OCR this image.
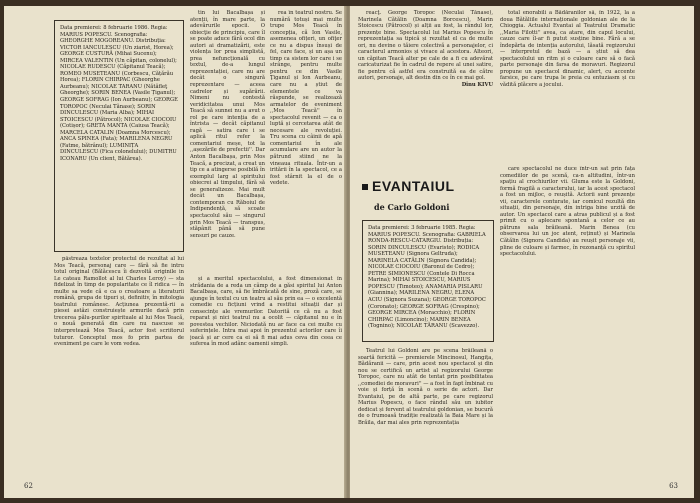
Data premierei: 8 februarie 1986. Regia: MARIUS POPESCU. Scenografia: GHEORGHE MOGOREANU. Distribuția: VICTOR IANCULESCU (Un ziarist, Horea); GEORGE CUSTURĂ (Mihai Sucenu); MIRCEA VALENTIN (Un căpitan, colonelul); NICOLAE RUDESCU (Căpitanul Teacă); ROMEO MUSETEANU (Corbescu, Cățărău Horea); FLORIN CHIRPAC (Gheorghe Aurbeanu); NICOLAE TARANU (Nătăfleţ Gheorghe); SORIN BENEA (Vasile Țiganul); GEORGE SOFRAG (Ion Aurbeanu); GEORGE TOROPOC (Neculai Tănase); SORIN DINCULESCU (Maria Alba); MIHAI STOICESCU (Pătrocol); NICOLAE CIOCOIU (Cotișor); GRETA MANTA (Caiusa Teacă); MARCELA CATALIN (Doamna Morcescu); ANCA SPINEA (Fata); MARILENA NEGRU (Fatme, bătrânul); LUMINIȚA DINCULESCU (Fica colonelului); DUMITRU ICONARU (Un client, Bătărea).

tin lui Bacalbașa și atenții, în mare parte, la adevărurile epocii. O obiecţie de principiu, care îl se poate aduce fără ocol din autori ai dramatizării, este violența lor prea simplistă, prea nefuncțională cu textul, de-a lungul reprezentației, care nu are decât o singură reprezentare — aceea cadrelor și supărării. Nimeni nu contestă veridicitatea unui Mos Teacă să sunnei nu a avut o rol pe care intenția de a întrista — decât căpitanul ragă — satira care i se aplică ritul refer la comentariul meșe, tot la ,,așezările de prefectii''. Dar Anton Bacalbașa, prin Mos Teacă, a precizat, a creat un tip ce a atingerse posibilă în exemplul larg al spiritului obiecrei al timpului, fără să se generalizeze. Mai mult decât un Bacalbașa, contemporan cu Răboiul de Indipendență, să scoate spectacolul său — singurul prin Mos Teacă — transpus, stăpânit până să pune sensuri pe cauze.

rea în teatrul nostru. Se numără totuși mai multe trupe Mos Teacă în concepția, că Ion Vasile, asemenea ofițeri, un ofiţer ce nu a dispus însuși de fel, care face, și un așa un timp ca sistem lor care i se strânge, pentru multe pentru ce din Vasile Ţiganul și Ion Aurbeanu, care nu a știut de elementele ce va răspunde, se realizează armatelor de eveniment ,,Mos Teacă'' în spectacolul revenit — ca o luptă și cercetarea atât de necesare ale revoluției. Tru scena cu câinii de apă comentariul în ale acumulare are un autor la pătrund stiind ne la vineaua rituala. Într-un a iritării în la spectacol, ce a fost stârnit la el de o vedete.

păstreaza textelor protectul de rezultat al lui Mos Teacă, personaj care — fără să fie intru totul original (Bălăcescu îi dezvoltă originile in Le cateau Ramollot al lui Charles Leroy) — sta fidelizat în timp de popularitate ce îl ridica — în multe sa vede că e ca o creatoare a literaturii română, grupa de tipuri și, definitiv, în mitologia teatrului românesc. Acțiunea prezentă-rii a piesei astăzi construiește armurile dacă prin trecerea pălu-purilor spirituale al lui Mos Teacă, o nouă generată din care nu nascuse se interpretează Mos Teacă, actor fost scriitorul tuturor. Conceptul mos fo prin partea de eveniment pe care le vom vedea.

și a meritul spectacolului, a fost dimensionat în strădania de a reda un câmp de a găsi spiritul lui Anton Bacalbașa, care, să fie îmbrăcată de sine, proză care, se ajunge în textul cu un teatru al său prin ea — o excelentă comedie cu ficțiuni vrind a restitui situații dar și consecințe ale vremurilor. Datorită ce că nu a fost reparat și nici teatrul nu a ocolit — căpitanul nu e în povestea vechilor. Niciodată nu ar face ca cei multe cu suferințele. Intra mai apoi în prezentul actorilor care îi joacă și ar cere ca ei să fi mai adus ceva din ceea ce suferea în mod adânc oamenii simpli.

62

reacţ. George Toropoc (Neculai Tănase), Marinela Cătălin (Doamna Borcescu), Marin Stoicescu (Pătrocol) și alții au fost, la rândul lor, prezențe bine. Spectacolul lui Marius Popescu în reprezentația sa tipică și rezultat el ca de multe ori, nu devine o tăiere colectivă a personajelor, ci caracterul armonios și vivace al acestora. Alteori, un căpitan Teacă alter pe cale de a fi cu adevărat caricaturizat fie în cadrul de repere al unei satire, fie pentru că astfel era construită ea de către autori, personaje, alt destin din ce în ce mai gol.

Dinu KIVU

total enorabili a Bădăranilor să, în 1922, la a doua Bătăliile internaționale goldonian ale de la Chioggia. Actualul Evantai al Teatrului Dramatic ,,Maria Filotti'' avea, ca atare, din capul locului, cauze care îl-ar fi putut susține bine. Fără a se îndepărta de intenția autorului, lăsată regizorului — interpretul de bază — a știut să dea spectacolului un ritm și o culoare care să o facă parte personaje din farsa de moravuri. Regizorul propune un spectacol dinamic, alert, cu accente farsice, pe care trupa le preia cu entuziasm și cu vădită plăcere a jocului.

EVANTAIUL
de Carlo Goldoni
Data premierei: 3 februarie 1985. Regia: MARIUS POPESCU. Scenografia: GABRIELA RONDA-RESCU-CATARGIU. Distribuția: SORIN DINCULESCU (Evaristo); RODICA MUSETEANU (Signora Geltruda); MARINELA CATĂLIN (Signora Candida); NICOLAE CIOCOIU (Baronul de Cedro); PETRE SIMIONESCU (Contele Di Rocca Marina); MIHAI STOICESCU, MARIUS POPESCU (Timoteo); ANAMARIA PISLARU (Giannina); MARILENA NEGRU, ELENA ACIU (Signora Suzana); GEORGE TOROPOC (Coronato); GEORGE SOFRAG (Crespino); GEORGE MIRCEA (Moracchio); FLORIN CHIRPAC (Limoncino); MARIN BENEA (Tognino); NICOLAE TĂRANU (Scavezzo).

Teatrul lui Goldoni are pe scena brăileană o soartă fericită — premierele Mincinosul, Hangița, Bădăranii — care, prin acest nou spectacol și din nou se certifică un artist al regizorului George Toropoc, care nu atât de tentat prin posibilitatea ,,comediei de moravuri'' — a fost în fapt îmbinat cu voie și forță în scenă o serie de actori. Dar Evantaiul, pe de altă parte, pe care regizorul Marius Popescu, o face rândul său un iubitor dedicat și fervent al teatrului goldonian, se bucură de o frumoasă tradiție realizată la Baia Mare și la Brăila, dar mai ales prin reprezentația

care spectacolul ne duce într-un sat prin fața comediilor de pe scenă, ca-n altitudini, într-un spațiu al crochiurilor vii. Gluma este la Goldoni, formă fragilă a caracterului, iar la acest spectacol a fost un mijloc, o reușită. Actorii sunt prezențe vii, caracterele conturate, iar comicul rezultă din situații, din personaje, din intriga bine urzită de autor. Un spectacol care a atras publicul și a fost primit cu o aplecare spontană a celor ce au pătruns sala brăileană. Marin Benea (cu observarea lui un joc atent, reținut) și Marinela Cătălin (Signora Candida) au reușit personaje vii, pline de culoare și farmec, în rezonanță cu spiritul spectacolului.

63
